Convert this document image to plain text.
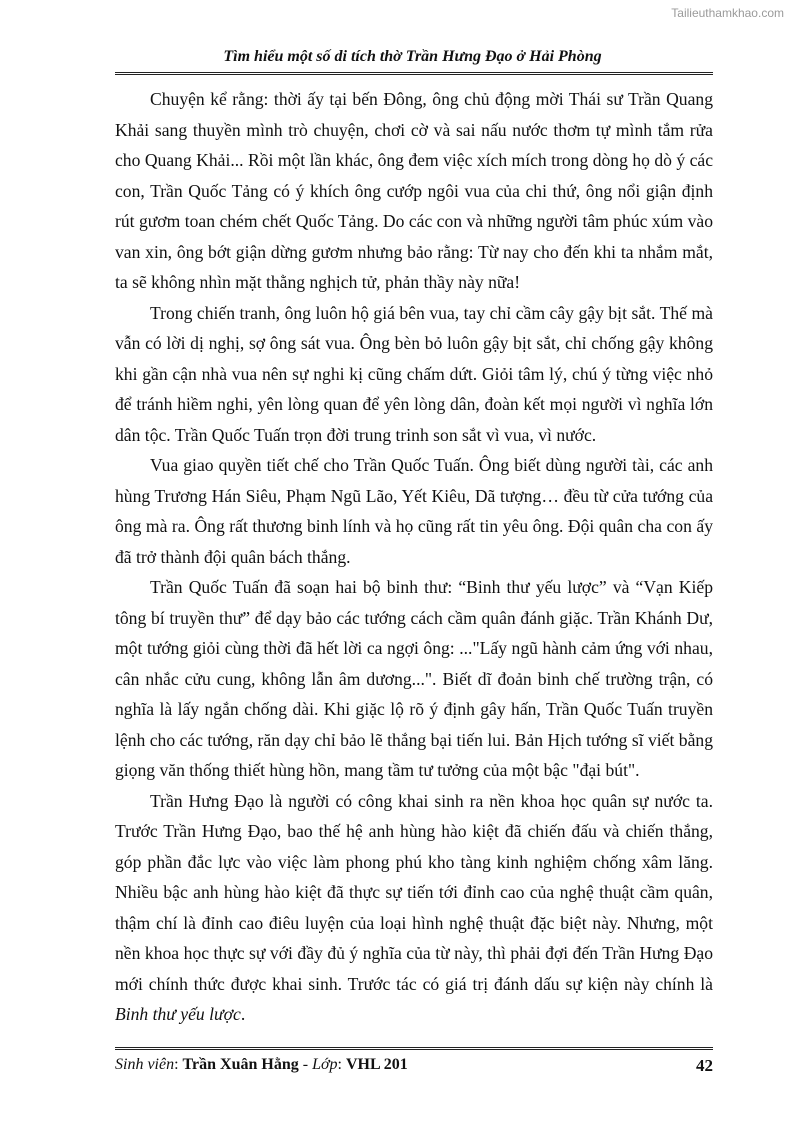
Tailieuthamkhao.com
Tìm hiểu một số di tích thờ Trần Hưng Đạo ở Hải Phòng

Chuyện kể rằng: thời ấy tại bến Đông, ông chủ động mời Thái sư Trần Quang Khải sang thuyền mình trò chuyện, chơi cờ và sai nấu nước thơm tự mình tắm rửa cho Quang Khải... Rồi một lần khác, ông đem việc xích mích trong dòng họ dò ý các con, Trần Quốc Tảng có ý khích ông cướp ngôi vua của chi thứ, ông nổi giận định rút gươm toan chém chết Quốc Tảng. Do các con và những người tâm phúc xúm vào van xin, ông bớt giận dừng gươm nhưng bảo rằng: Từ nay cho đến khi ta nhắm mắt, ta sẽ không nhìn mặt thằng nghịch tử, phản thầy này nữa!

Trong chiến tranh, ông luôn hộ giá bên vua, tay chỉ cầm cây gậy bịt sắt. Thế mà vẫn có lời dị nghị, sợ ông sát vua. Ông bèn bỏ luôn gậy bịt sắt, chỉ chống gậy không khi gần cận nhà vua nên sự nghi kị cũng chấm dứt. Giỏi tâm lý, chú ý từng việc nhỏ để tránh hiềm nghi, yên lòng quan để yên lòng dân, đoàn kết mọi người vì nghĩa lớn dân tộc. Trần Quốc Tuấn trọn đời trung trinh son sắt vì vua, vì nước.

Vua giao quyền tiết chế cho Trần Quốc Tuấn. Ông biết dùng người tài, các anh hùng Trương Hán Siêu, Phạm Ngũ Lão, Yết Kiêu, Dã tượng… đều từ cửa tướng của ông mà ra. Ông rất thương binh lính và họ cũng rất tin yêu ông. Đội quân cha con ấy đã trở thành đội quân bách thắng.

Trần Quốc Tuấn đã soạn hai bộ binh thư: “Binh thư yếu lược” và “Vạn Kiếp tông bí truyền thư” để dạy bảo các tướng cách cầm quân đánh giặc. Trần Khánh Dư, một tướng giỏi cùng thời đã hết lời ca ngợi ông: ..."Lấy ngũ hành cảm ứng với nhau, cân nhắc cửu cung, không lẫn âm dương...". Biết dĩ đoản binh chế trường trận, có nghĩa là lấy ngắn chống dài. Khi giặc lộ rõ ý định gây hấn, Trần Quốc Tuấn truyền lệnh cho các tướng, răn dạy chỉ bảo lẽ thắng bại tiến lui. Bản Hịch tướng sĩ viết bằng giọng văn thống thiết hùng hồn, mang tầm tư tưởng của một bậc "đại bút".

Trần Hưng Đạo là người có công khai sinh ra nền khoa học quân sự nước ta. Trước Trần Hưng Đạo, bao thế hệ anh hùng hào kiệt đã chiến đấu và chiến thắng, góp phần đắc lực vào việc làm phong phú kho tàng kinh nghiệm chống xâm lăng. Nhiều bậc anh hùng hào kiệt đã thực sự tiến tới đỉnh cao của nghệ thuật cầm quân, thậm chí là đỉnh cao điêu luyện của loại hình nghệ thuật đặc biệt này. Nhưng, một nền khoa học thực sự với đầy đủ ý nghĩa của từ này, thì phải đợi đến Trần Hưng Đạo mới chính thức được khai sinh. Trước tác có giá trị đánh dấu sự kiện này chính là Binh thư yếu lược.

Sinh viên: Trần Xuân Hằng - Lớp: VHL 201	42
